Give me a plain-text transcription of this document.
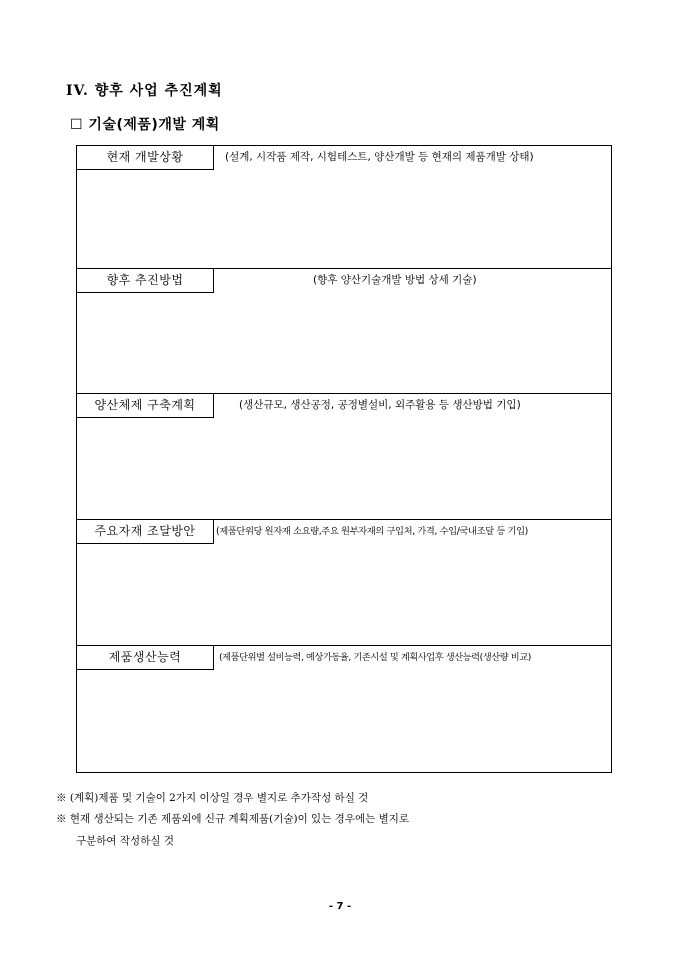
IV. 향후 사업 추진계획
☐ 기술(제품)개발 계획
현재 개발상황	(설계, 시작품 제작, 시험테스트, 양산개발 등 현재의 제품개발 상태)
향후 추진방법	(향후 양산기술개발 방법 상세 기술)
양산체제 구축계획	(생산규모, 생산공정, 공정별설비, 외주활용 등 생산방법 기입)
주요자재 조달방안	(제품단위당 원자재 소요량,주요 원부자재의 구입처, 가격, 수입/국내조달 등 기입)
제품생산능력	(제품단위별 설비능력, 예상가동율, 기존시설 및 계획사업후 생산능력(생산량 비교)
※ (계획)제품 및 기술이 2가지 이상일 경우 별지로 추가작성 하실 것
※ 현재 생산되는 기존 제품외에 신규 계획제품(기술)이 있는 경우에는 별지로
구분하여 작성하실 것
- 7 -
